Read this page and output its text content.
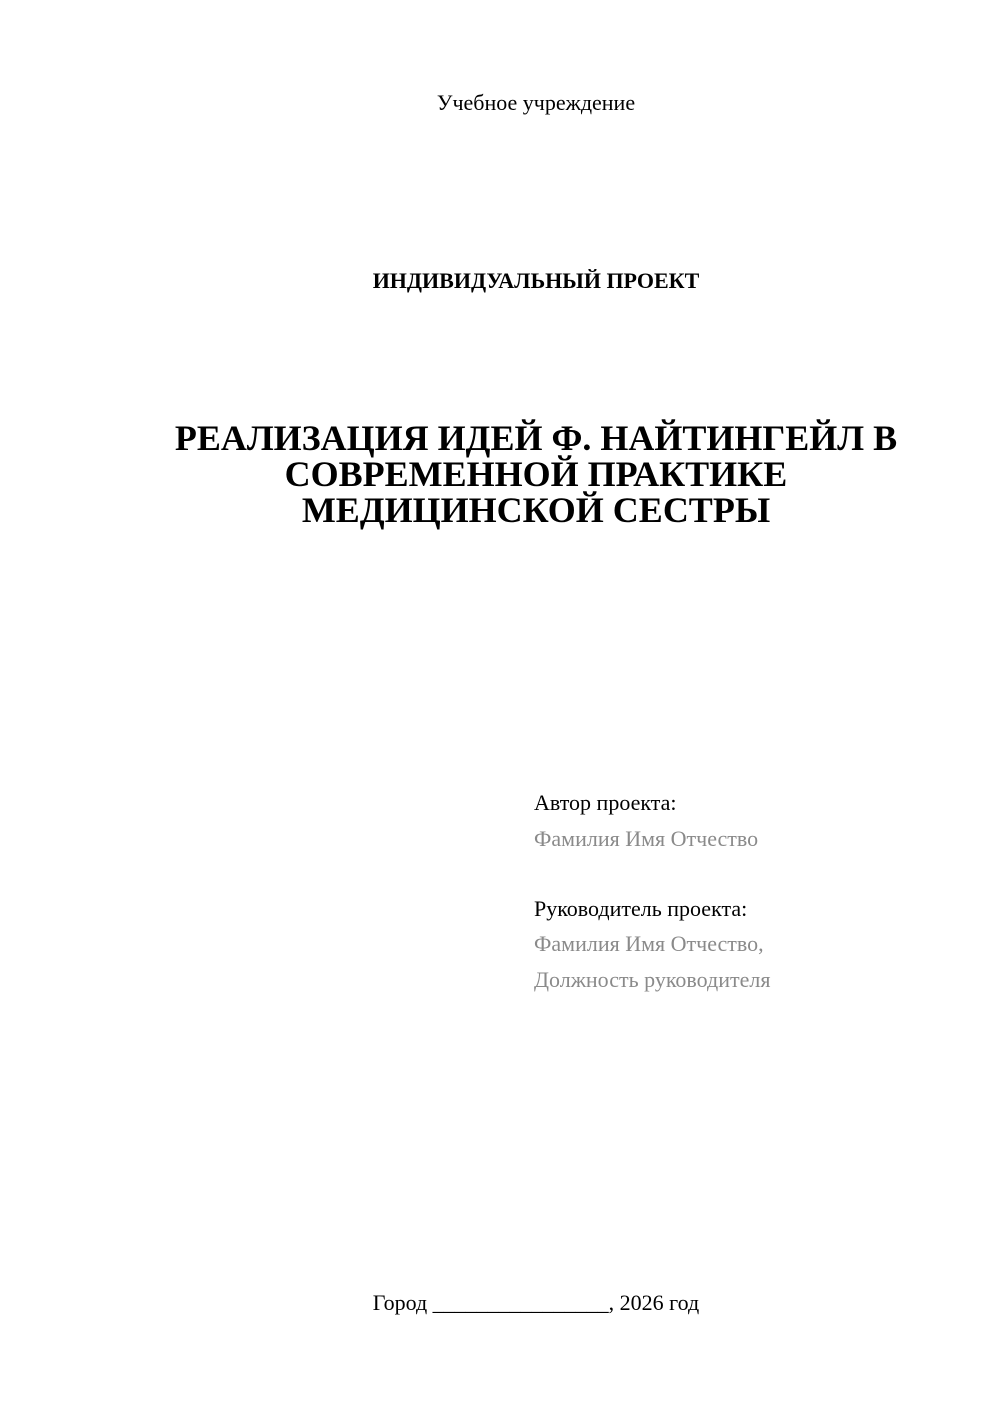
Учебное учреждение
ИНДИВИДУАЛЬНЫЙ ПРОЕКТ
РЕАЛИЗАЦИЯ ИДЕЙ Ф. НАЙТИНГЕЙЛ В
СОВРЕМЕННОЙ ПРАКТИКЕ
МЕДИЦИНСКОЙ СЕСТРЫ
Автор проекта:
Фамилия Имя Отчество
Руководитель проекта:
Фамилия Имя Отчество,
Должность руководителя
Город ________________, 2026 год
